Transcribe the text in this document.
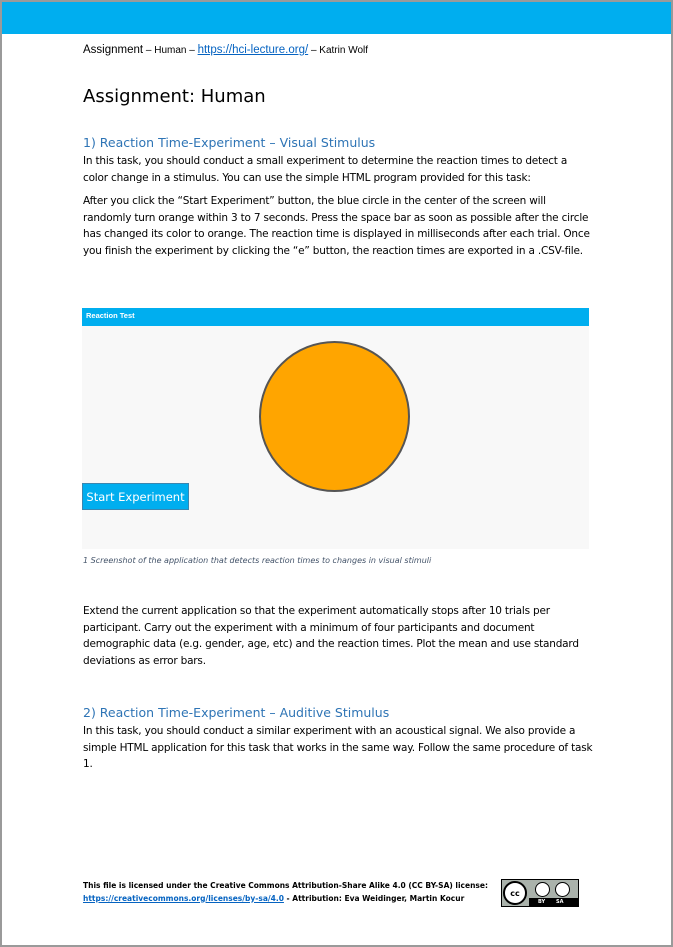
Assignment – Human – https://hci-lecture.org/ – Katrin Wolf
Assignment: Human
1) Reaction Time-Experiment – Visual Stimulus
In this task, you should conduct a small experiment to determine the reaction times to detect a color change in a stimulus. You can use the simple HTML program provided for this task:
After you click the “Start Experiment” button, the blue circle in the center of the screen will randomly turn orange within 3 to 7 seconds. Press the space bar as soon as possible after the circle has changed its color to orange. The reaction time is displayed in milliseconds after each trial. Once you finish the experiment by clicking the “e” button, the reaction times are exported in a .CSV-file.
Reaction Test
Start Experiment
1 Screenshot of the application that detects reaction times to changes in visual stimuli
Extend the current application so that the experiment automatically stops after 10 trials per participant. Carry out the experiment with a minimum of four participants and document demographic data (e.g. gender, age, etc) and the reaction times. Plot the mean and use standard deviations as error bars.
2) Reaction Time-Experiment – Auditive Stimulus
In this task, you should conduct a similar experiment with an acoustical signal. We also provide a simple HTML application for this task that works in the same way. Follow the same procedure of task 1.
This file is licensed under the Creative Commons Attribution-Share Alike 4.0 (CC BY-SA) license:
https://creativecommons.org/licenses/by-sa/4.0 - Attribution: Eva Weidinger, Martin Kocur
cc
BY SA
